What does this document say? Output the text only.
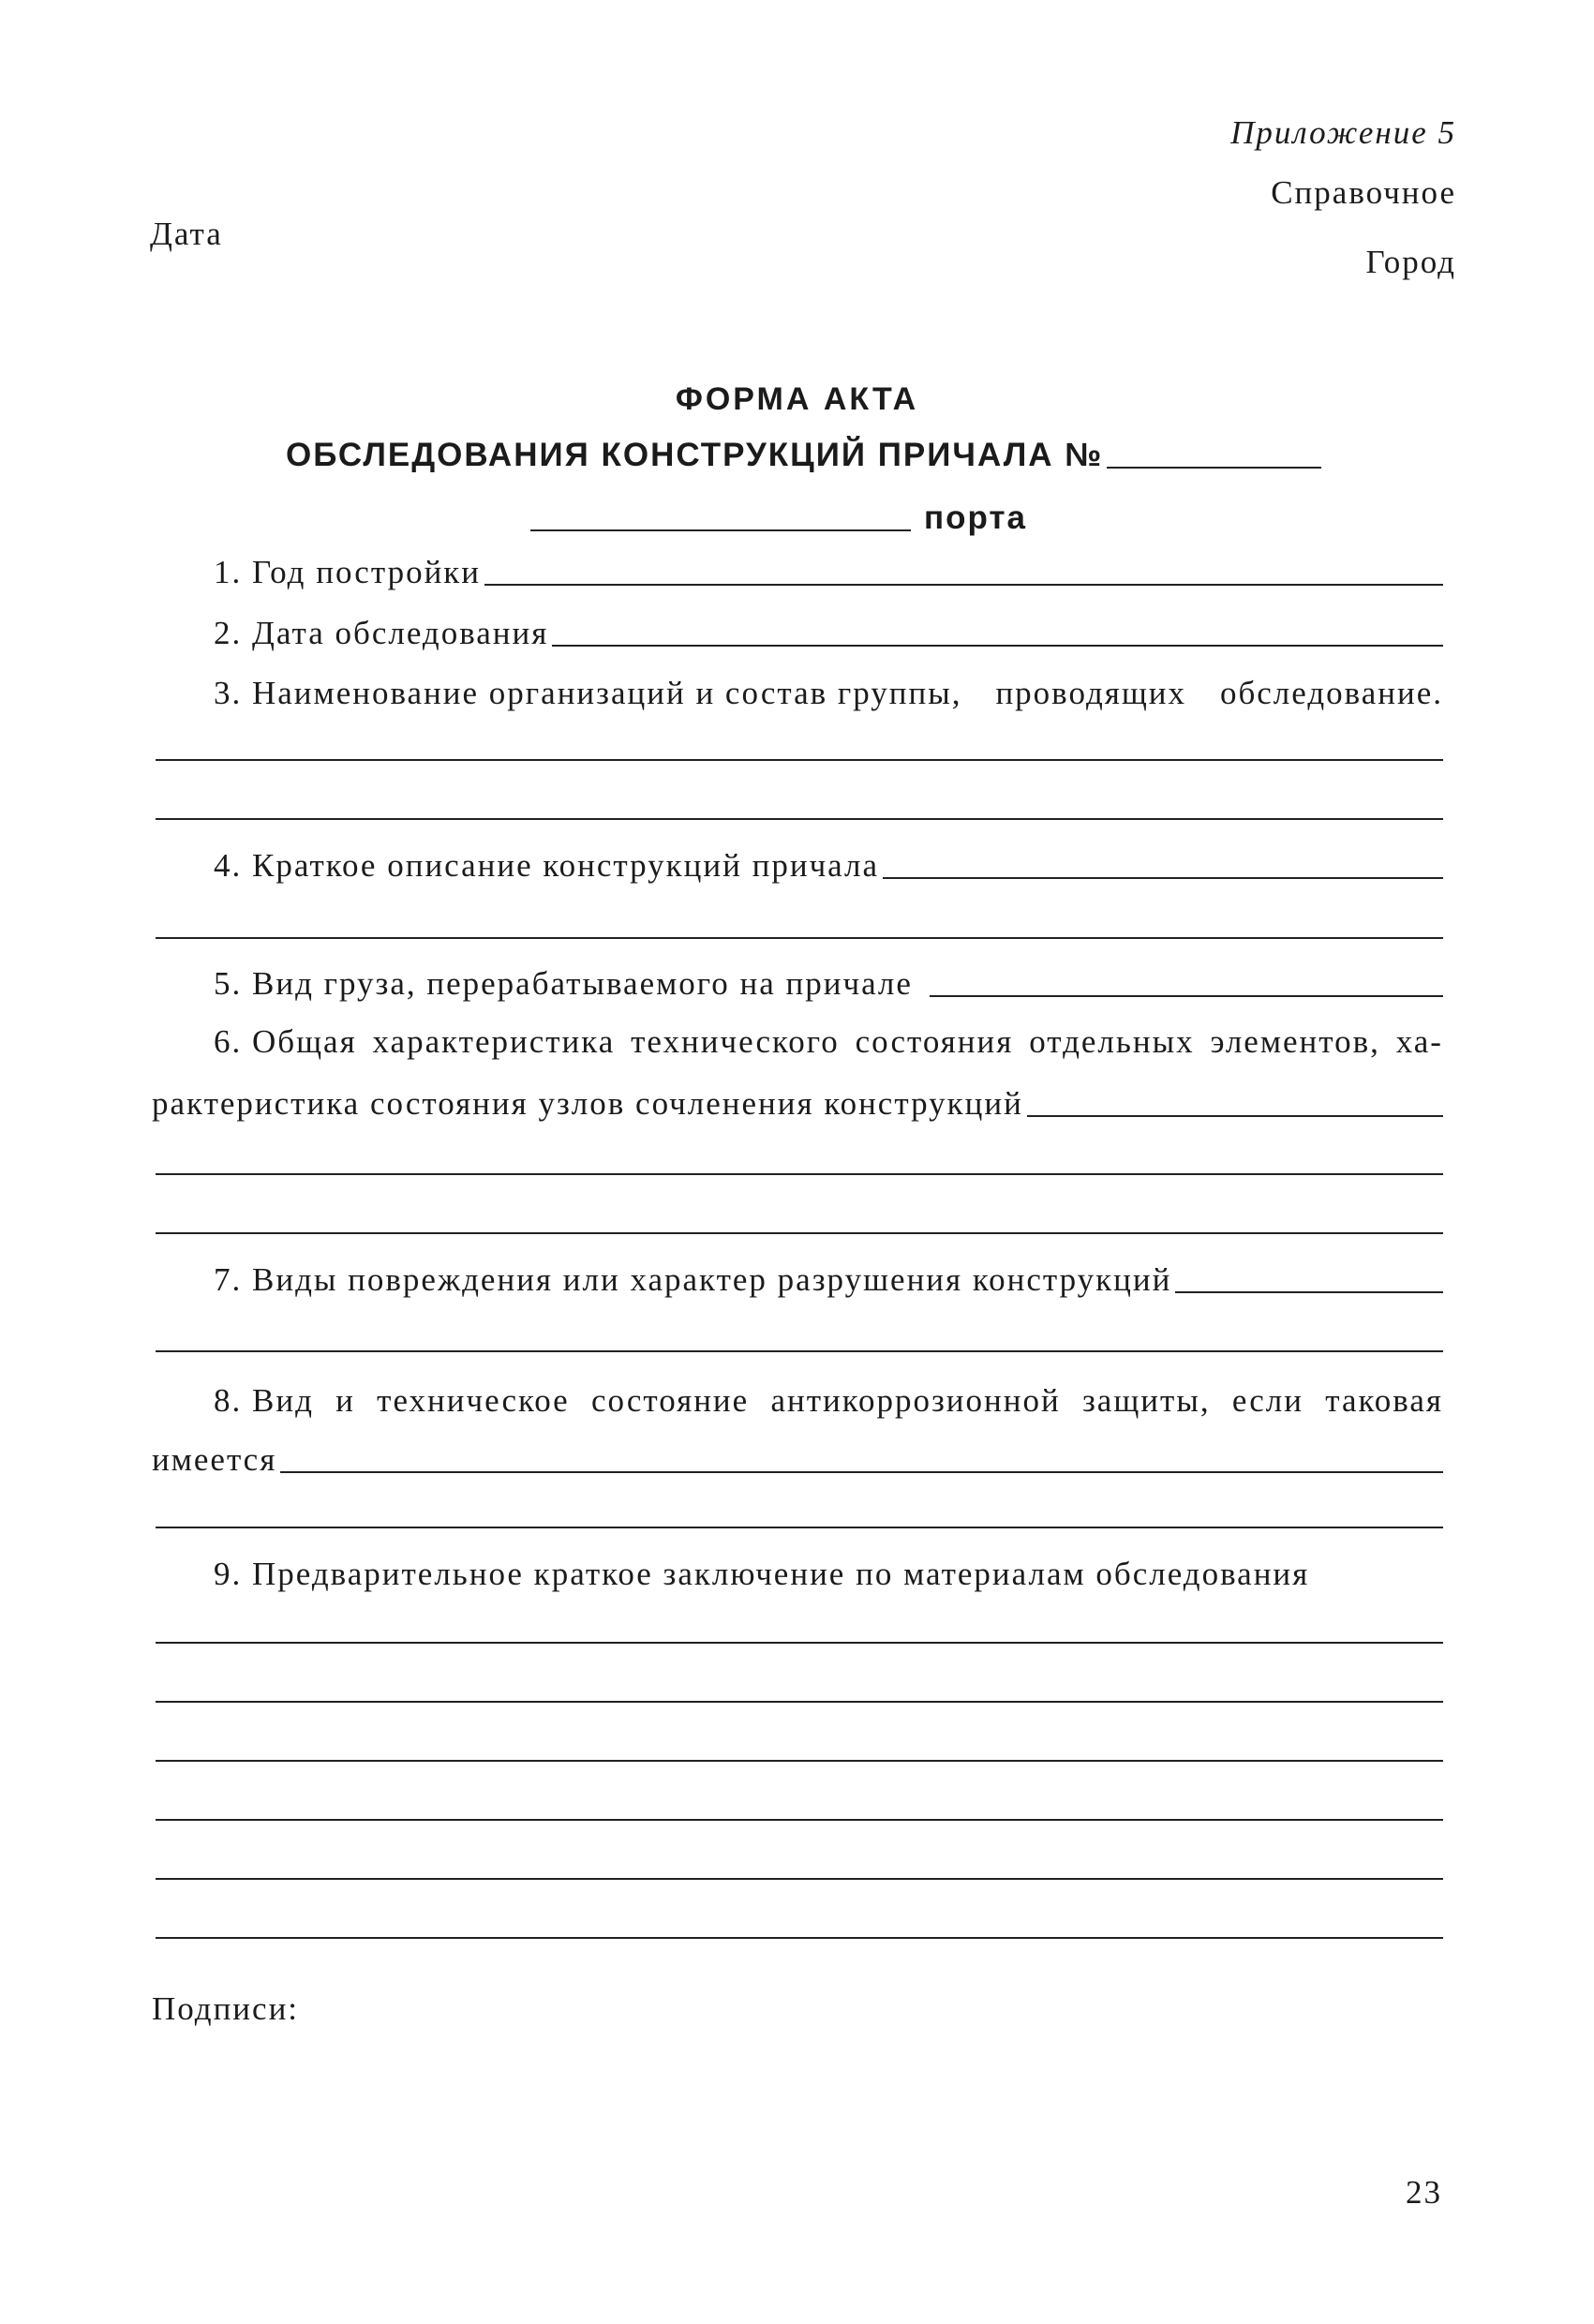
Приложение 5
Справочное
Дата
Город
ФОРМА АКТА
ОБСЛЕДОВАНИЯ КОНСТРУКЦИЙ ПРИЧАЛА №
порта
1. Год постройки
2. Дата обследования
3. Наименование организаций и состав группы, проводящих обследование.
4. Краткое описание конструкций причала
5. Вид груза, перерабатываемого на причале
6. Общая характеристика технического состояния отдельных элементов, ха-
рактеристика состояния узлов сочленения конструкций
7. Виды повреждения или характер разрушения конструкций
8. Вид и техническое состояние антикоррозионной защиты, если таковая
имеется
9. Предварительное краткое заключение по материалам обследования
Подписи:
23
